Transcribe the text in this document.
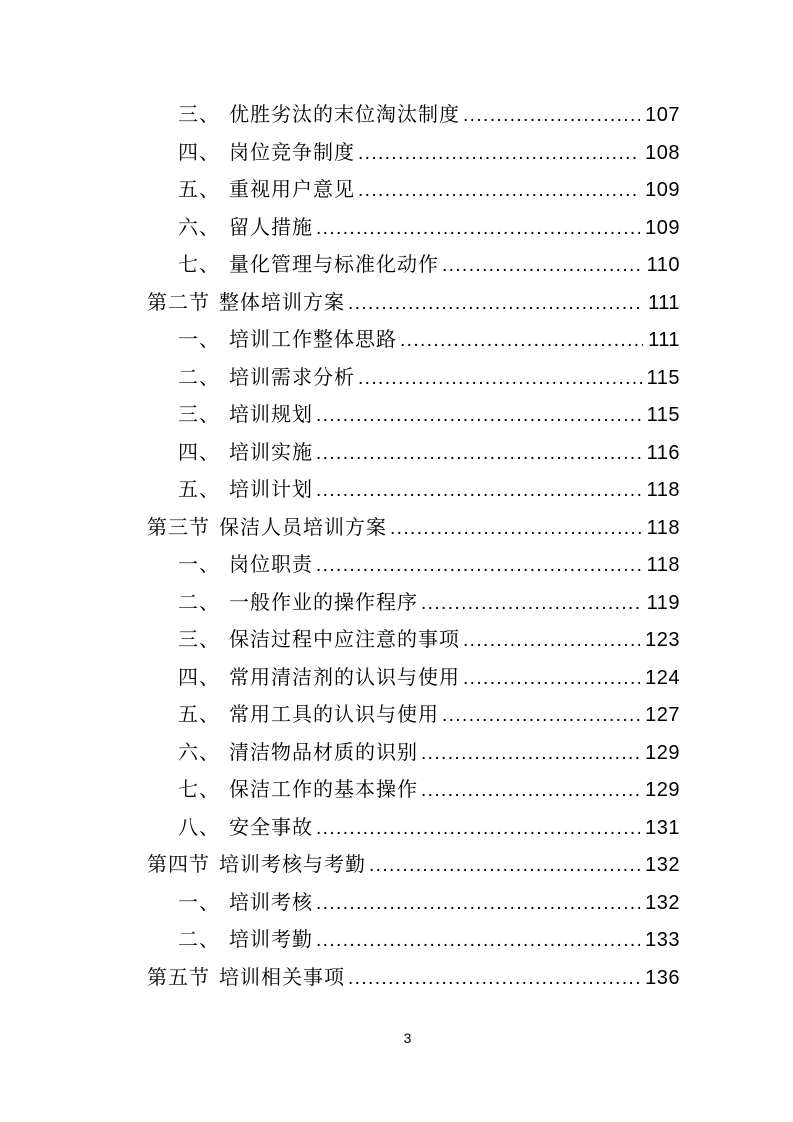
三、 优胜劣汰的末位淘汰制度 .....	107
四、 岗位竞争制度 .....	108
五、 重视用户意见 .....	109
六、 留人措施 .....	109
七、 量化管理与标准化动作 .....	110
第二节 整体培训方案 .....	111
一、 培训工作整体思路 .....	111
二、 培训需求分析 .....	115
三、 培训规划 .....	115
四、 培训实施 .....	116
五、 培训计划 .....	118
第三节 保洁人员培训方案 .....	118
一、 岗位职责 .....	118
二、 一般作业的操作程序 .....	119
三、 保洁过程中应注意的事项 .....	123
四、 常用清洁剂的认识与使用 .....	124
五、 常用工具的认识与使用 .....	127
六、 清洁物品材质的识别 .....	129
七、 保洁工作的基本操作 .....	129
八、 安全事故 .....	131
第四节 培训考核与考勤 .....	132
一、 培训考核 .....	132
二、 培训考勤 .....	133
第五节 培训相关事项 .....	136
3
